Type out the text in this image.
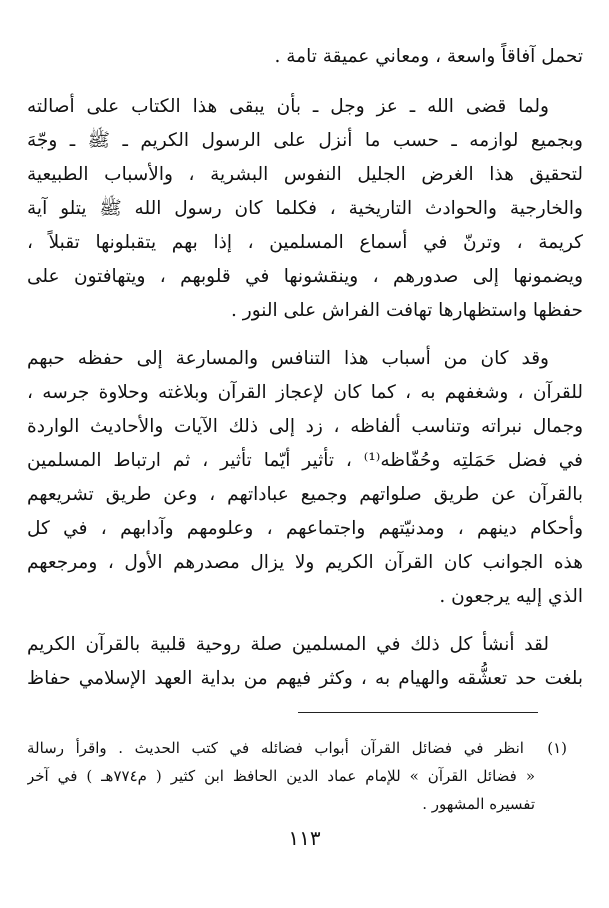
تحمل آفاقاً واسعة ، ومعاني عميقة تامة .
ولما قضى الله ـ عز وجل ـ بأن يبقى هذا الكتاب على أصالته
وبجميع لوازمه ـ حسب ما أنزل على الرسول الكريم ـ ﷺ ـ وجّهَ
لتحقيق هذا الغرض الجليل النفوس البشرية ، والأسباب الطبيعية
والخارجية والحوادث التاريخية ، فكلما كان رسول الله ﷺ يتلو آية
كريمة ، وترنّ في أسماع المسلمين ، إذا بهم يتقبلونها تقبلاً ،
ويضمونها إلى صدورهم ، وينقشونها في قلوبهم ، ويتهافتون على
حفظها واستظهارها تهافت الفراش على النور .
وقد كان من أسباب هذا التنافس والمسارعة إلى حفظه حبهم
للقرآن ، وشغفهم به ، كما كان لإعجاز القرآن وبلاغته وحلاوة جرسه ،
وجمال نبراته وتناسب ألفاظه ، زد إلى ذلك الآيات والأحاديث الواردة
في فضل حَمَلتِه وحُفّاظه⁽¹⁾ ، تأثير أيّما تأثير ، ثم ارتباط المسلمين
بالقرآن عن طريق صلواتهم وجميع عباداتهم ، وعن طريق تشريعهم
وأحكام دينهم ، ومدنيّتهم واجتماعهم ، وعلومهم وآدابهم ، في كل
هذه الجوانب كان القرآن الكريم ولا يزال مصدرهم الأول ، ومرجعهم
الذي إليه يرجعون .
لقد أنشأ كل ذلك في المسلمين صلة روحية قلبية بالقرآن الكريم
بلغت حد تعشُّقه والهيام به ، وكثر فيهم من بداية العهد الإسلامي حفاظ
(١)  انظر في فضائل القرآن أبواب فضائله في كتب الحديث . واقرأ رسالة
« فضائل القرآن » للإمام عماد الدين الحافظ ابن كثير ( م٧٧٤هـ ) في آخر
تفسيره المشهور .
١١٣
